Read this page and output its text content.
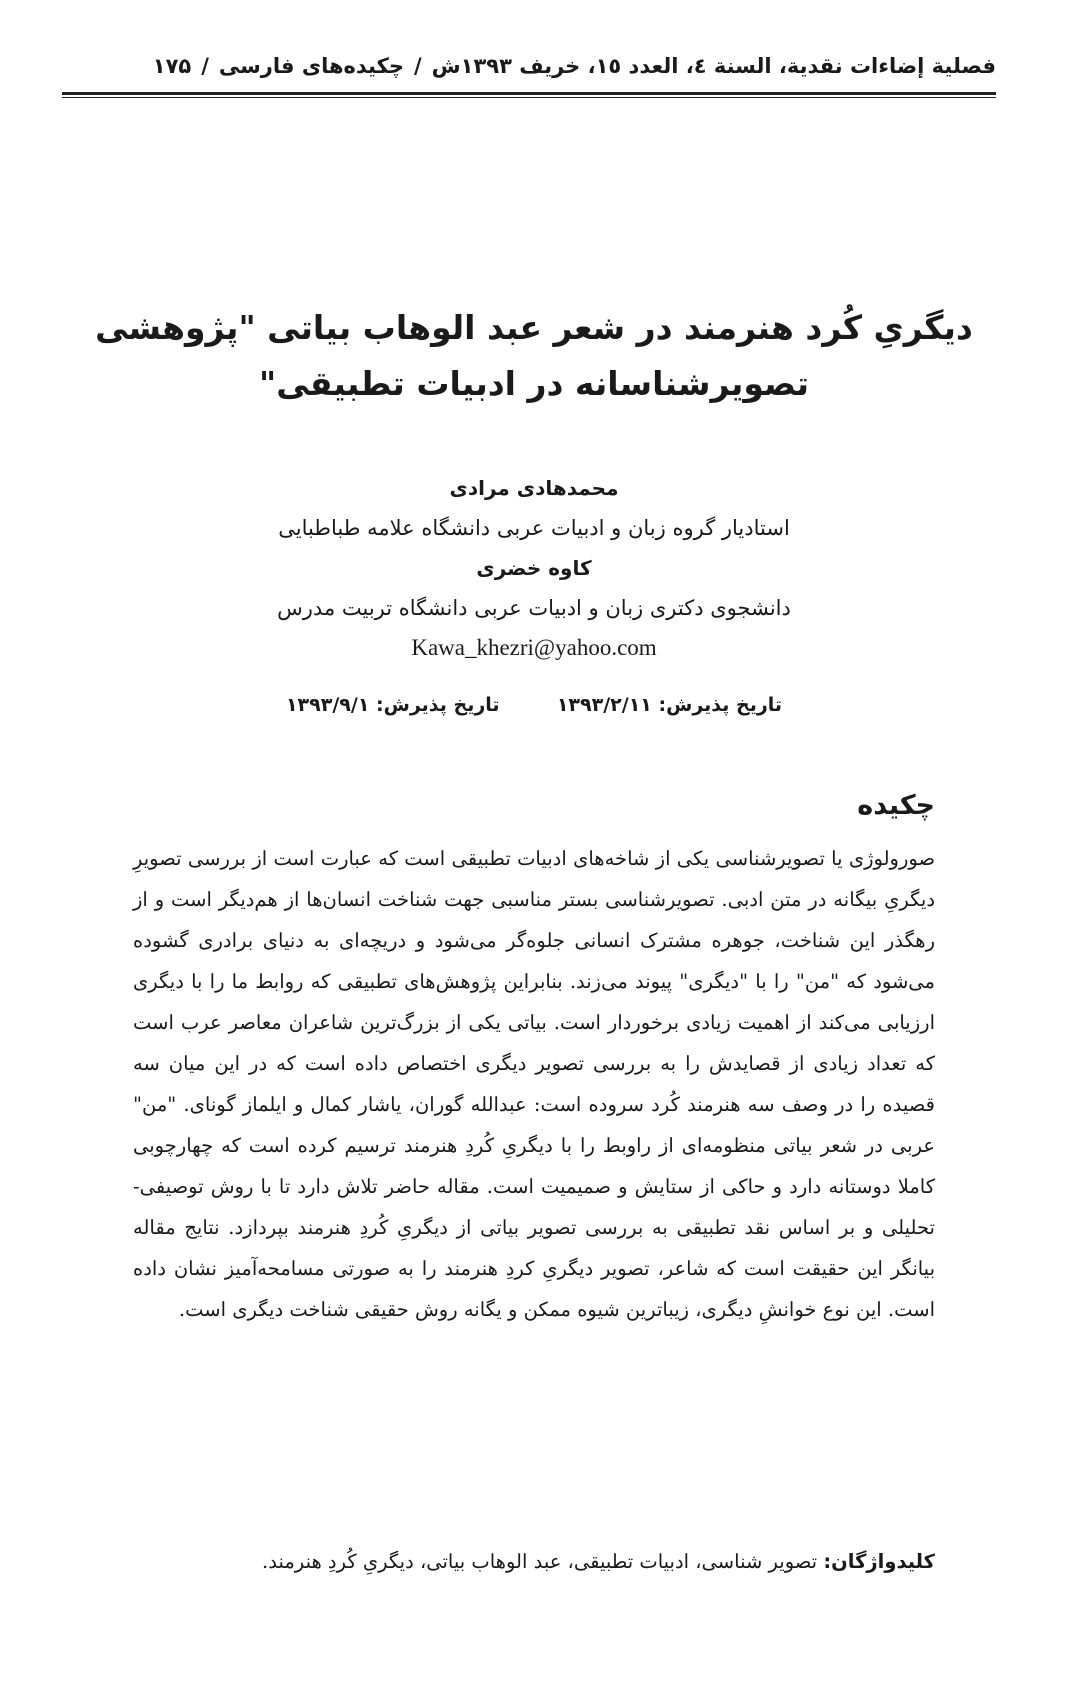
فصلية إضاءات نقدية، السنة ٤، العدد ١٥، خريف ١٣٩٣ش
/
چکیده‌های فارسی
/
۱۷۵
دیگریِ کُرد هنرمند در شعر عبد الوهاب بیاتی "پژوهشی
تصویرشناسانه در ادبیات تطبیقی"
محمدهادی مرادی
استادیار گروه زبان و ادبیات عربی دانشگاه علامه طباطبایی
کاوه خضری
دانشجوی دکتری زبان و ادبیات عربی دانشگاه تربیت مدرس
Kawa_khezri@yahoo.com
تاریخ پذیرش: ۱۳۹۳/۲/۱۱  تاریخ پذیرش: ۱۳۹۳/۹/۱
چکیده
صورولوژی یا تصویرشناسی یکی از شاخه‌های ادبیات تطبیقی است که عبارت است از بررسی تصویرِ دیگریِ بیگانه در متن ادبی. تصویرشناسی بستر مناسبی جهت شناخت انسان‌ها از هم‌دیگر است و از رهگذر این شناخت، جوهره مشترک انسانی جلوه‌گر می‌شود و دریچه‌ای به دنیای برادری گشوده می‌شود که "من" را با "دیگری" پیوند می‌زند. بنابراین پژوهش‌های تطبیقی که روابط ما را با دیگری ارزیابی می‌کند از اهمیت زیادی برخوردار است. بیاتی یکی از بزرگ‌ترین شاعران معاصر عرب است که تعداد زیادی از قصایدش را به بررسی تصویر دیگری اختصاص داده است که در این میان سه قصیده را در وصف سه هنرمند کُرد سروده است: عبدالله گوران، یاشار کمال و ایلماز گونای. "من" عربی در شعر بیاتی منظومه‌ای از راوبط را با دیگریِ کُردِ هنرمند ترسیم کرده است که چهارچوبی کاملا دوستانه دارد و حاکی از ستایش و صمیمیت است. مقاله حاضر تلاش دارد تا با روش توصیفی- تحلیلی و بر اساس نقد تطبیقی به بررسی تصویر بیاتی از دیگریِ کُردِ هنرمند بپردازد. نتایج مقاله بیانگر این حقیقت است که شاعر، تصویر دیگریِ کردِ هنرمند را به صورتی مسامحه‌آمیز نشان داده است. این نوع خوانشِ دیگری، زیباترین شیوه ممکن و یگانه روش حقیقی شناخت دیگری است.
کلیدواژگان: تصویر شناسی، ادبیات تطبیقی، عبد الوهاب بیاتی، دیگریِ کُردِ هنرمند.
